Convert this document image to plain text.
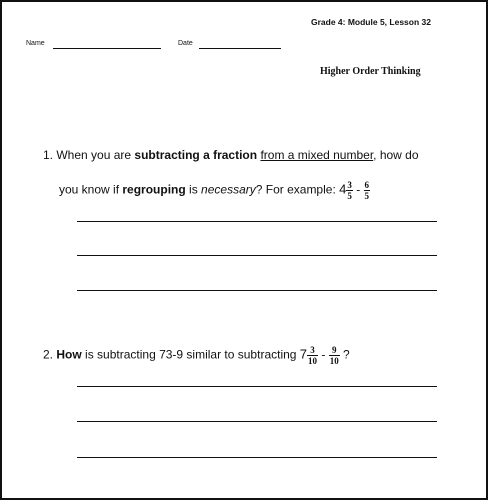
Grade 4: Module 5, Lesson 32
Name	Date
Higher Order Thinking
1. When you are subtracting a fraction from a mixed number, how do
you know if regrouping is necessary? For example: $4 \frac{3}{5} - \frac{6}{5}$
2. How is subtracting 73-9 similar to subtracting $7 \frac{3}{10} - \frac{9}{10}$ ?
